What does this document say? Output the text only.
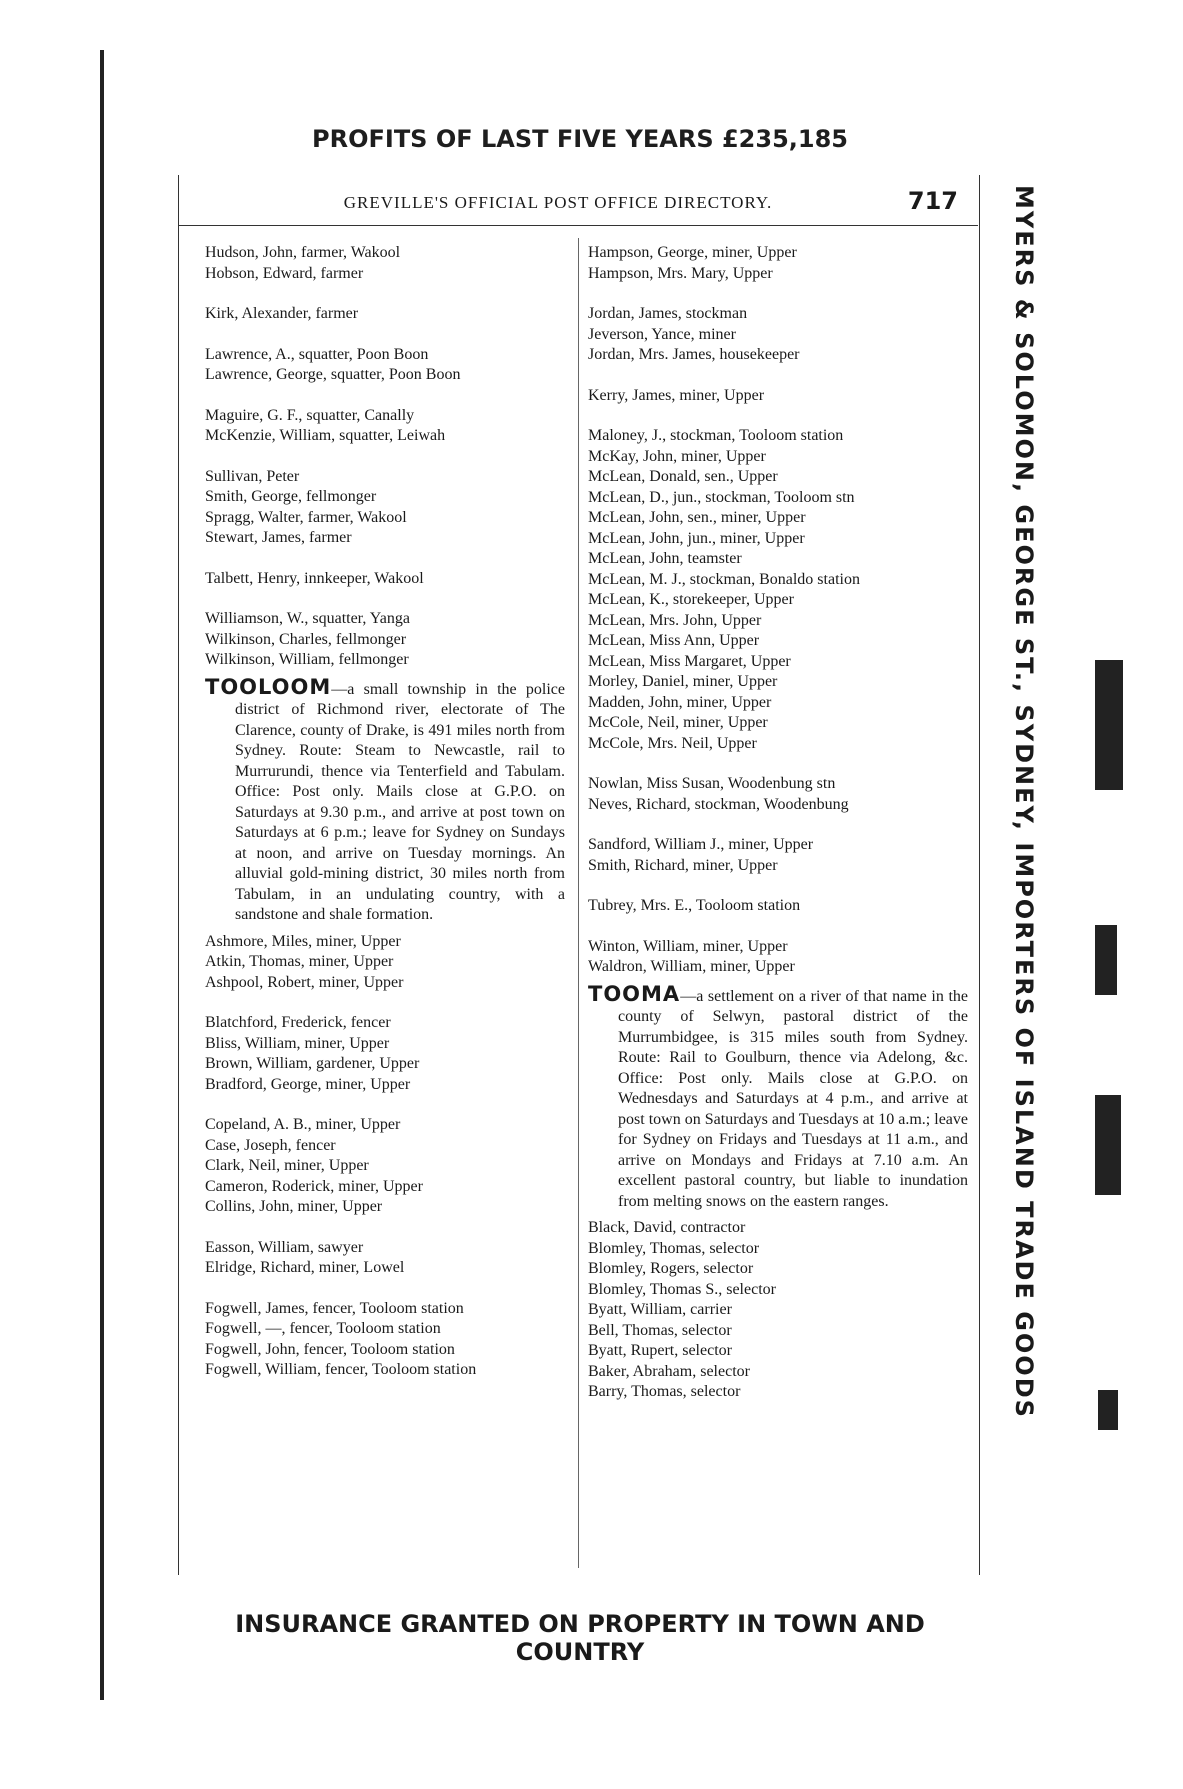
PROFITS OF LAST FIVE YEARS £235,185
GREVILLE'S OFFICIAL POST OFFICE DIRECTORY.	717
Hudson, John, farmer, Wakool
Hobson, Edward, farmer
Kirk, Alexander, farmer
Lawrence, A., squatter, Poon Boon
Lawrence, George, squatter, Poon Boon
Maguire, G. F., squatter, Canally
McKenzie, William, squatter, Leiwah
Sullivan, Peter
Smith, George, fellmonger
Spragg, Walter, farmer, Wakool
Stewart, James, farmer
Talbett, Henry, innkeeper, Wakool
Williamson, W., squatter, Yanga
Wilkinson, Charles, fellmonger
Wilkinson, William, fellmonger
TOOLOOM—a small township in the police district of Richmond river, electorate of The Clarence, county of Drake, is 491 miles north from Sydney. Route: Steam to Newcastle, rail to Murrurundi, thence via Tenterfield and Tabulam. Office: Post only. Mails close at G.P.O. on Saturdays at 9.30 p.m., and arrive at post town on Saturdays at 6 p.m.; leave for Sydney on Sundays at noon, and arrive on Tuesday mornings. An alluvial gold-mining district, 30 miles north from Tabulam, in an undulating country, with a sandstone and shale formation.
Ashmore, Miles, miner, Upper
Atkin, Thomas, miner, Upper
Ashpool, Robert, miner, Upper
Blatchford, Frederick, fencer
Bliss, William, miner, Upper
Brown, William, gardener, Upper
Bradford, George, miner, Upper
Copeland, A. B., miner, Upper
Case, Joseph, fencer
Clark, Neil, miner, Upper
Cameron, Roderick, miner, Upper
Collins, John, miner, Upper
Easson, William, sawyer
Elridge, Richard, miner, Lowel
Fogwell, James, fencer, Tooloom station
Fogwell, —, fencer, Tooloom station
Fogwell, John, fencer, Tooloom station
Fogwell, William, fencer, Tooloom station
Hampson, George, miner, Upper
Hampson, Mrs. Mary, Upper
Jordan, James, stockman
Jeverson, Yance, miner
Jordan, Mrs. James, housekeeper
Kerry, James, miner, Upper
Maloney, J., stockman, Tooloom station
McKay, John, miner, Upper
McLean, Donald, sen., Upper
McLean, D., jun., stockman, Tooloom stn
McLean, John, sen., miner, Upper
McLean, John, jun., miner, Upper
McLean, John, teamster
McLean, M. J., stockman, Bonaldo station
McLean, K., storekeeper, Upper
McLean, Mrs. John, Upper
McLean, Miss Ann, Upper
McLean, Miss Margaret, Upper
Morley, Daniel, miner, Upper
Madden, John, miner, Upper
McCole, Neil, miner, Upper
McCole, Mrs. Neil, Upper
Nowlan, Miss Susan, Woodenbung stn
Neves, Richard, stockman, Woodenbung
Sandford, William J., miner, Upper
Smith, Richard, miner, Upper
Tubrey, Mrs. E., Tooloom station
Winton, William, miner, Upper
Waldron, William, miner, Upper
TOOMA—a settlement on a river of that name in the county of Selwyn, pastoral district of the Murrumbidgee, is 315 miles south from Sydney. Route: Rail to Goulburn, thence via Adelong, &c. Office: Post only. Mails close at G.P.O. on Wednesdays and Saturdays at 4 p.m., and arrive at post town on Saturdays and Tuesdays at 10 a.m.; leave for Sydney on Fridays and Tuesdays at 11 a.m., and arrive on Mondays and Fridays at 7.10 a.m. An excellent pastoral country, but liable to inundation from melting snows on the eastern ranges.
Black, David, contractor
Blomley, Thomas, selector
Blomley, Rogers, selector
Blomley, Thomas S., selector
Byatt, William, carrier
Bell, Thomas, selector
Byatt, Rupert, selector
Baker, Abraham, selector
Barry, Thomas, selector	MYERS & SOLOMON, GEORGE ST., SYDNEY, IMPORTERS OF ISLAND TRADE GOODS
INSURANCE GRANTED ON PROPERTY IN TOWN AND COUNTRY
